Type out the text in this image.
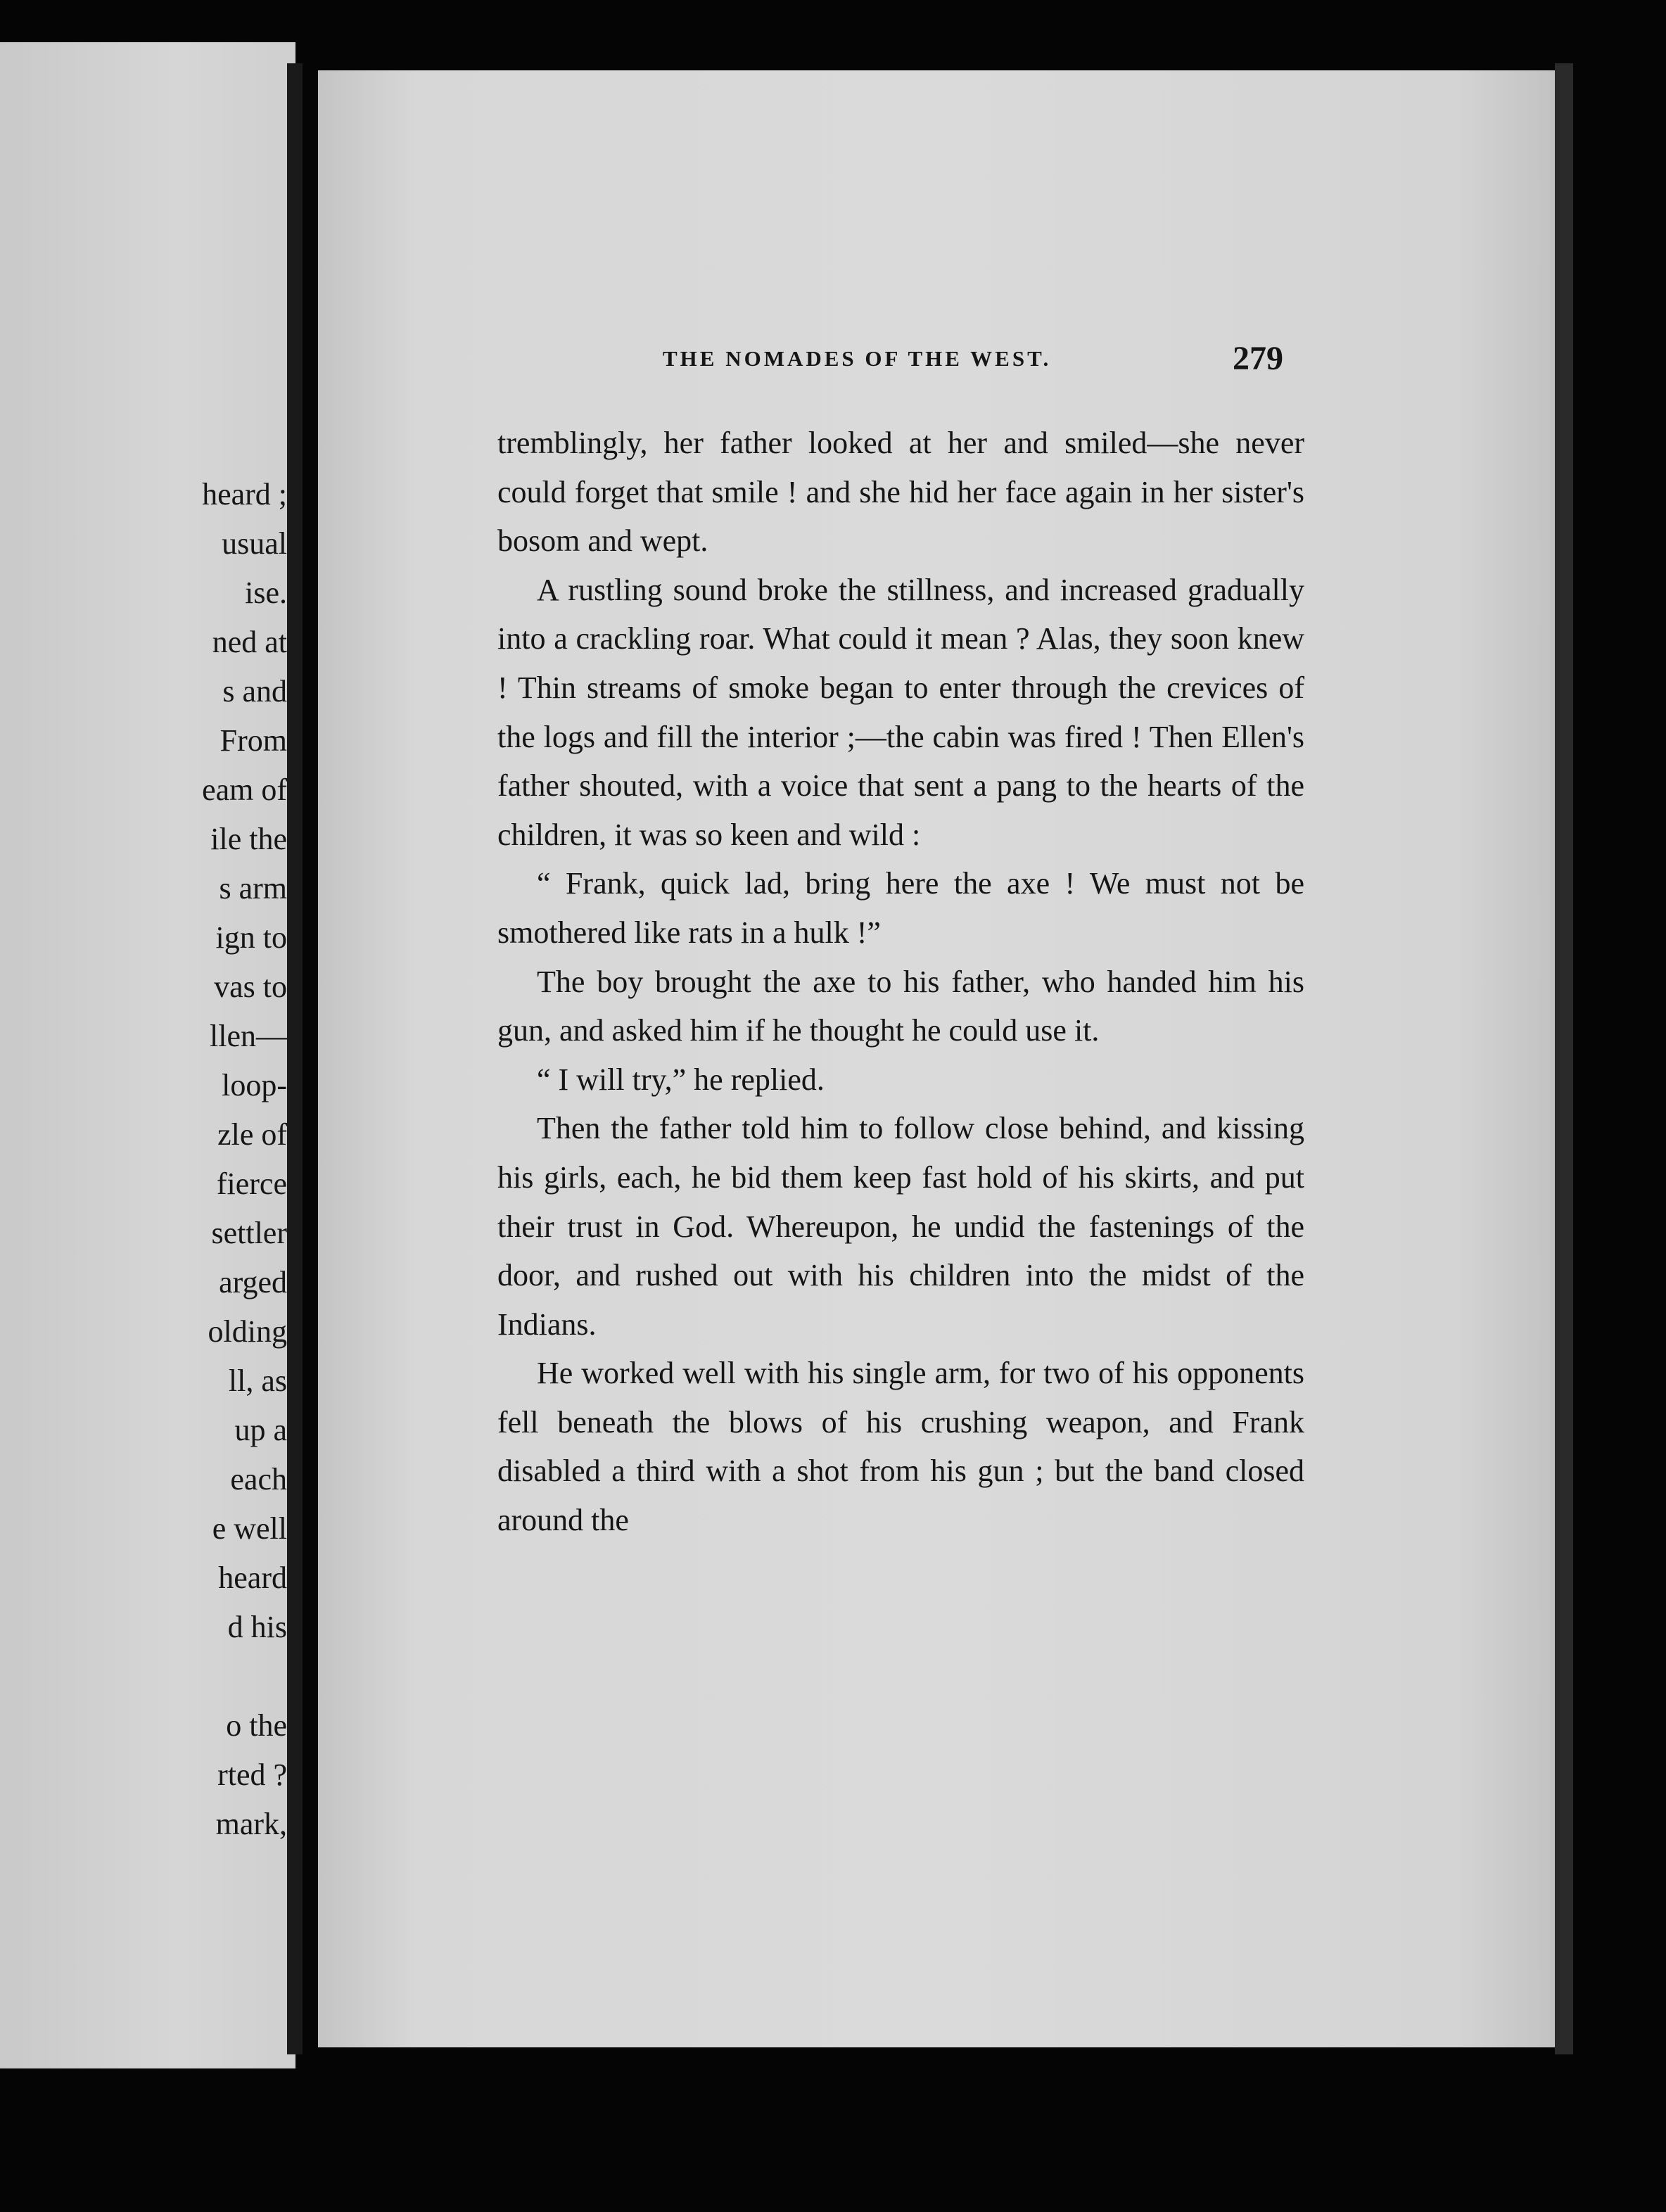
heard ;
usual
ise.
ned at
s and
From
eam of
ile the
s arm
ign to
vas to
llen—
loop-
zle of
fierce
settler
arged
olding
ll, as
up a
each
e well
heard
d his
o the
rted ?
mark,
THE NOMADES OF THE WEST.	279

tremblingly, her father looked at her and smiled—she never could forget that smile ! and she hid her face again in her sister's bosom and wept.

A rustling sound broke the stillness, and increased gradually into a crackling roar. What could it mean ? Alas, they soon knew ! Thin streams of smoke began to enter through the crevices of the logs and fill the interior ;—the cabin was fired ! Then Ellen's father shouted, with a voice that sent a pang to the hearts of the children, it was so keen and wild :

“ Frank, quick lad, bring here the axe ! We must not be smothered like rats in a hulk !”

The boy brought the axe to his father, who handed him his gun, and asked him if he thought he could use it.

“ I will try,” he replied.

Then the father told him to follow close behind, and kissing his girls, each, he bid them keep fast hold of his skirts, and put their trust in God. Whereupon, he undid the fastenings of the door, and rushed out with his children into the midst of the Indians.

He worked well with his single arm, for two of his opponents fell beneath the blows of his crushing weapon, and Frank disabled a third with a shot from his gun ; but the band closed around the
